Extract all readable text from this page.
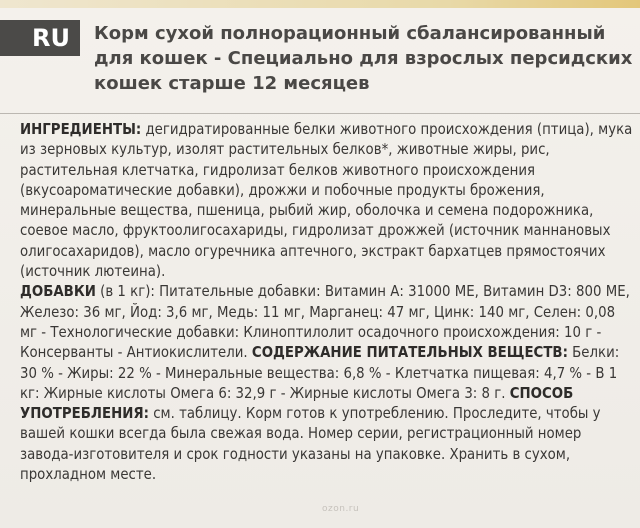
RU	Корм сухой полнорационный сбалансированный для кошек - Специально для взрослых персидских кошек старше 12 месяцев

ИНГРЕДИЕНТЫ: дегидратированные белки животного происхождения (птица), мука из зерновых культур, изолят растительных белков*, животные жиры, рис, растительная клетчатка, гидролизат белков животного происхождения (вкусоароматические добавки), дрожжи и побочные продукты брожения, минеральные вещества, пшеница, рыбий жир, оболочка и семена подорожника, соевое масло, фруктоолигосахариды, гидролизат дрожжей (источник маннановых олигосахаридов), масло огуречника аптечного, экстракт бархатцев прямостоячих (источник лютеина).

ДОБАВКИ (в 1 кг): Питательные добавки: Витамин А: 31000 МЕ, Витамин D3: 800 МЕ, Железо: 36 мг, Йод: 3,6 мг, Медь: 11 мг, Марганец: 47 мг, Цинк: 140 мг, Селен: 0,08 мг - Технологические добавки: Клиноптилолит осадочного происхождения: 10 г - Консерванты - Антиокислители. СОДЕРЖАНИЕ ПИТАТЕЛЬНЫХ ВЕЩЕСТВ: Белки: 30 % - Жиры: 22 % - Минеральные вещества: 6,8 % - Клетчатка пищевая: 4,7 % - В 1 кг: Жирные кислоты Омега 6: 32,9 г - Жирные кислоты Омега 3: 8 г. СПОСОБ УПОТРЕБЛЕНИЯ: см. таблицу. Корм готов к употреблению. Проследите, чтобы у вашей кошки всегда была свежая вода. Номер серии, регистрационный номер завода-изготовителя и срок годности указаны на упаковке. Хранить в сухом, прохладном месте.

ozon.ru
